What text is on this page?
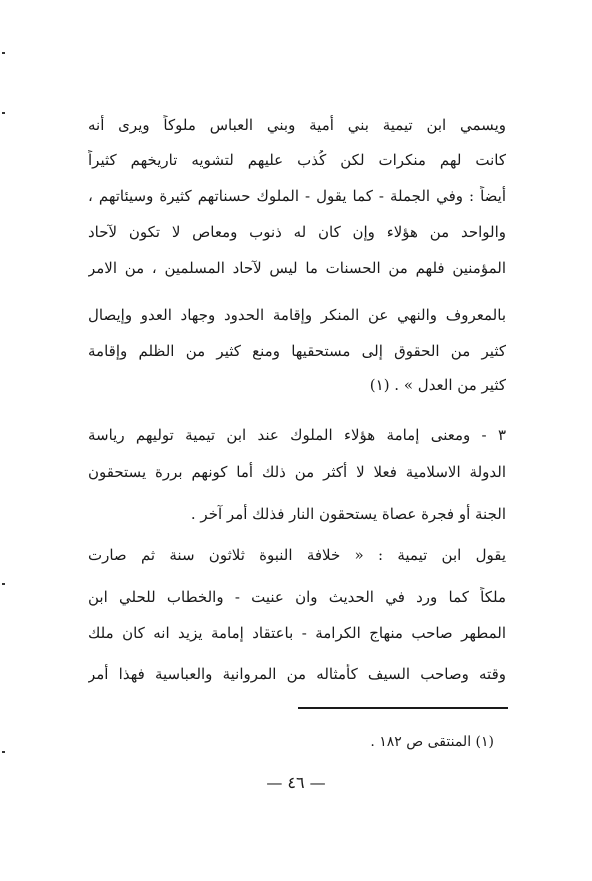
ويسمي ابن تيمية بني أمية وبني العباس ملوكاً ويرى أنه
كانت لهم منكرات لكن كُذب عليهم لتشويه تاريخهم كثيراً
أيضاً : وفي الجملة - كما يقول - الملوك حسناتهم كثيرة وسيئاتهم ،
والواحد من هؤلاء وإن كان له ذنوب ومعاص لا تكون لآحاد
المؤمنين فلهم من الحسنات ما ليس لآحاد المسلمين ، من الامر
بالمعروف والنهي عن المنكر وإقامة الحدود وجهاد العدو وإيصال
كثير من الحقوق إلى مستحقيها ومنع كثير من الظلم وإقامة
كثير من العدل » . (١)
٣ - ومعنى إمامة هؤلاء الملوك عند ابن تيمية توليهم رياسة
الدولة الاسلامية فعلا لا أكثر من ذلك أما كونهم بررة يستحقون
الجنة أو فجرة عصاة يستحقون النار فذلك أمر آخر .
يقول ابن تيمية : « خلافة النبوة ثلاثون سنة ثم صارت
ملكاً كما ورد في الحديث وان عنيت - والخطاب للحلي ابن
المطهر صاحب منهاج الكرامة - باعتقاد إمامة يزيد انه كان ملك
وقته وصاحب السيف كأمثاله من المروانية والعباسية فهذا أمر
(١) المنتقى ص ١٨٢ .
— ٤٦ —
